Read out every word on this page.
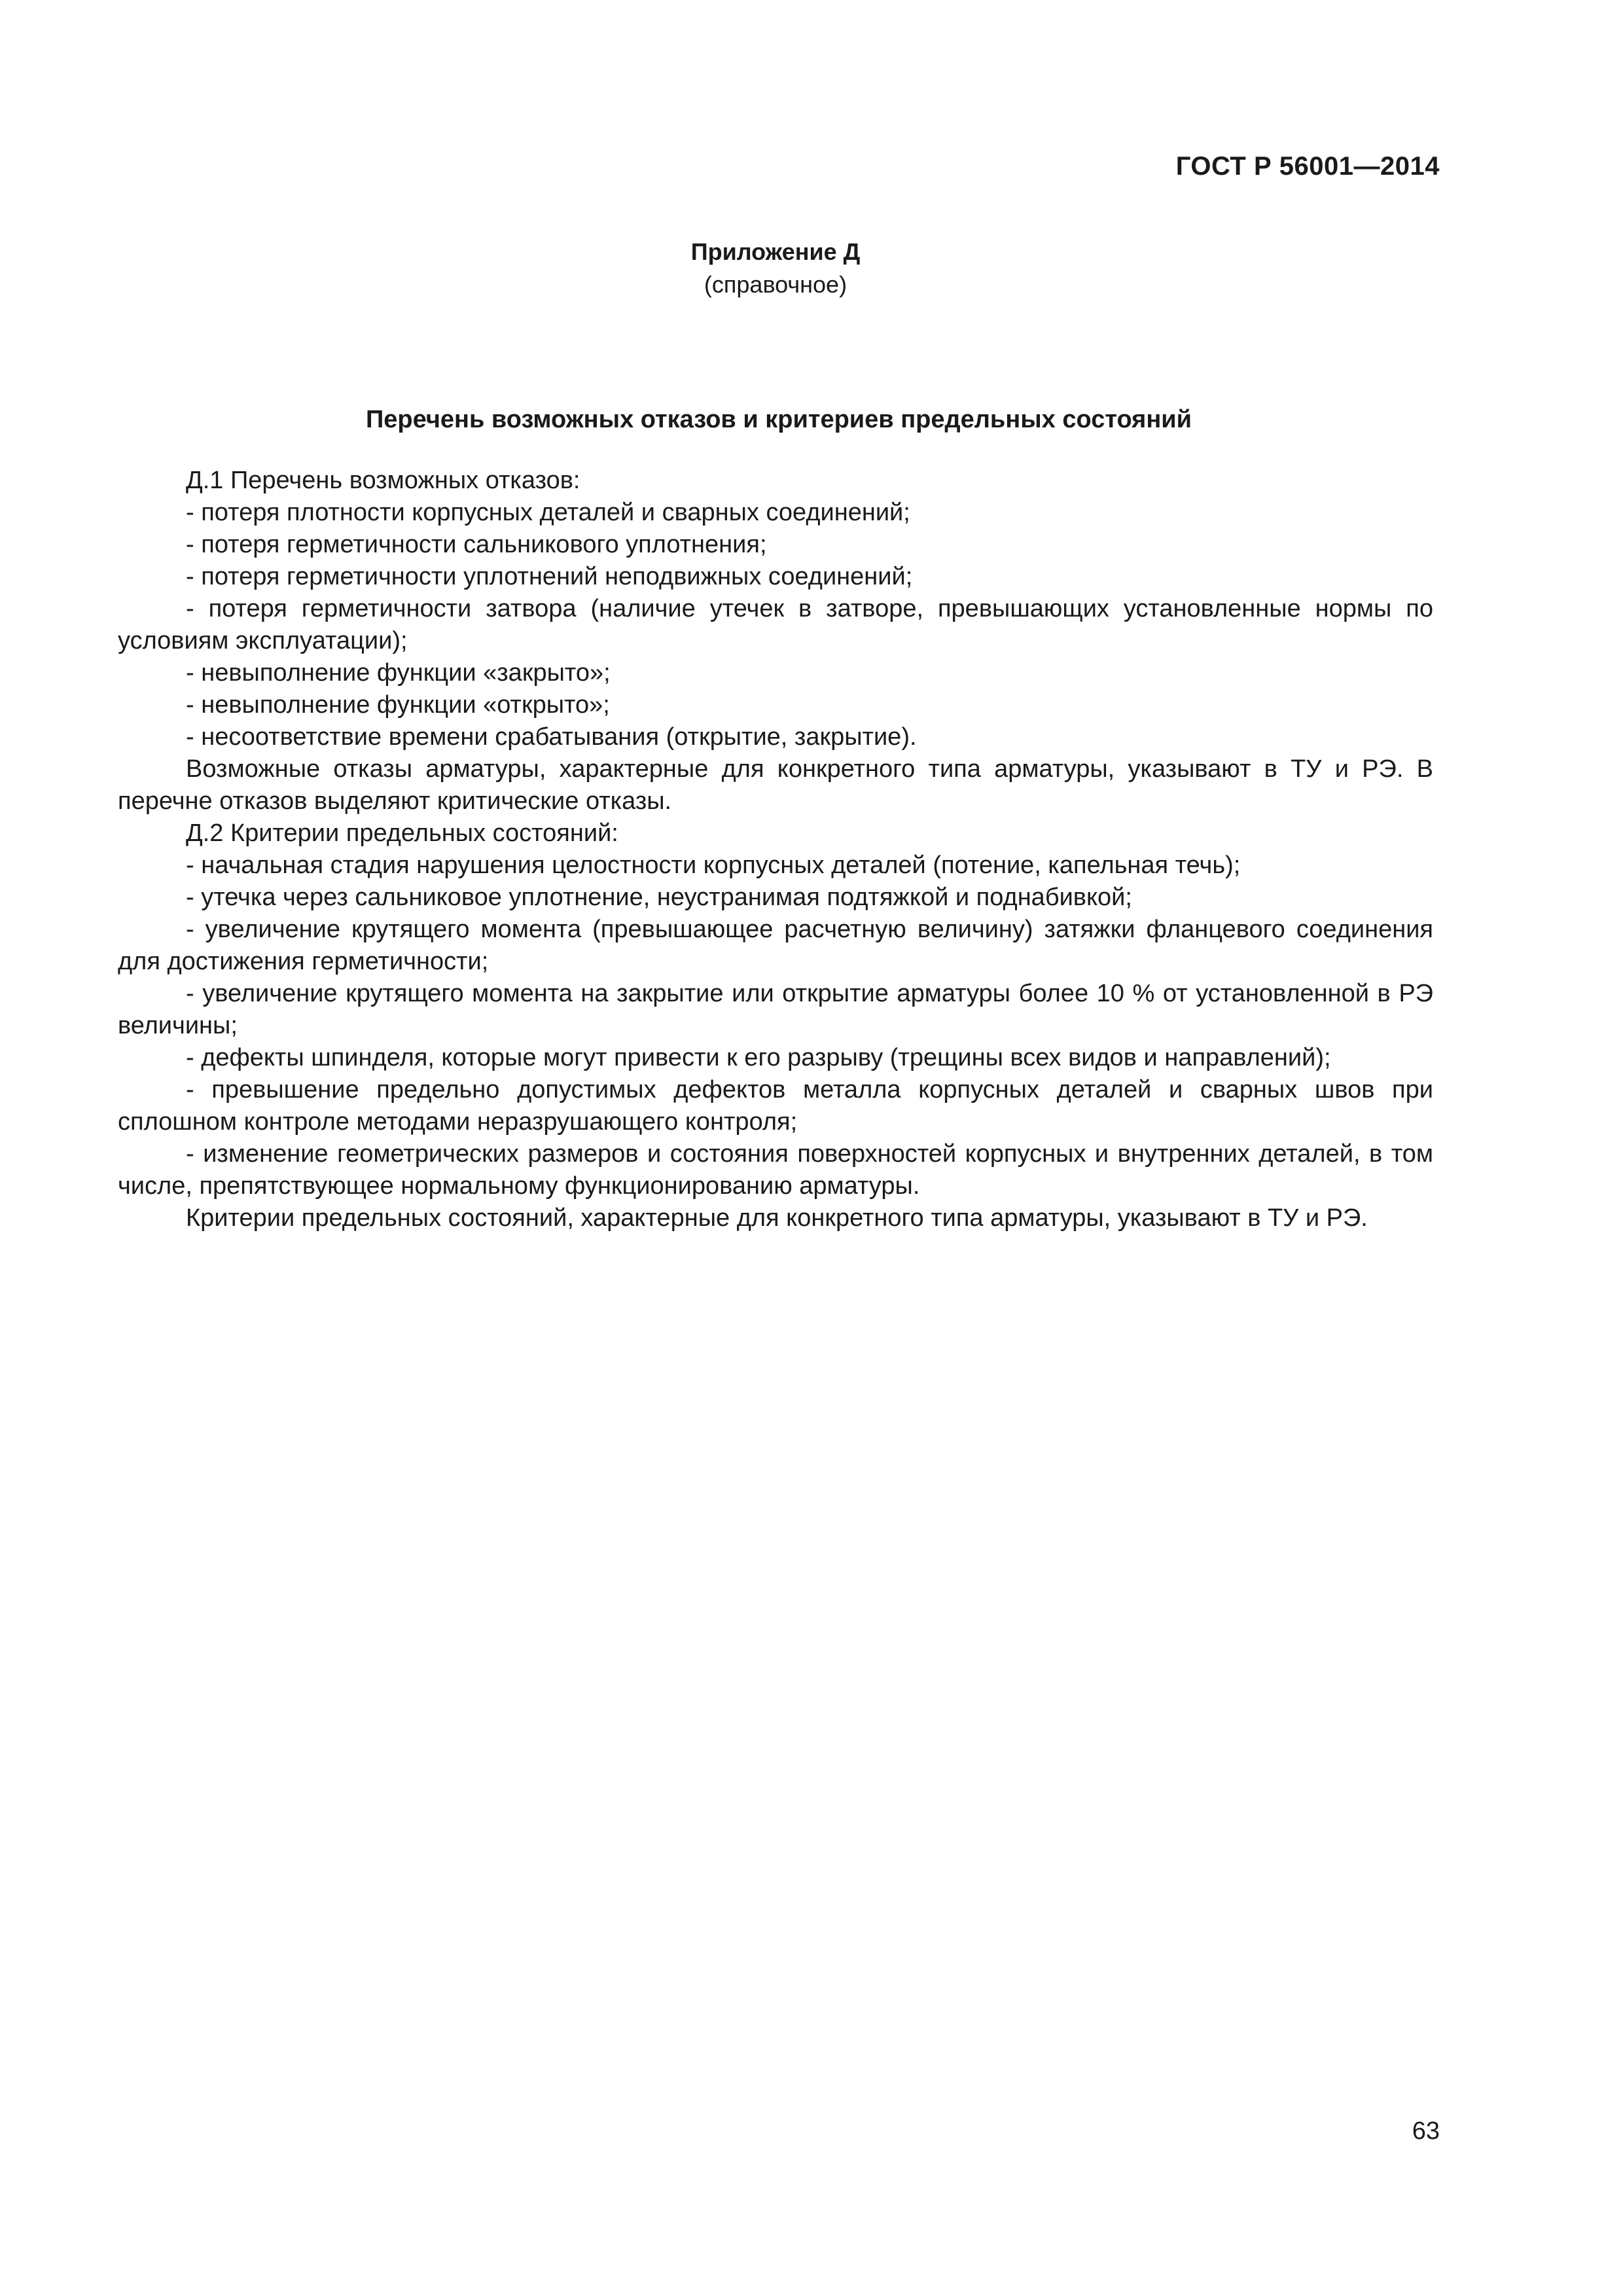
ГОСТ Р 56001—2014
Приложение Д
(справочное)
Перечень возможных отказов и критериев предельных состояний

Д.1 Перечень возможных отказов:

- потеря плотности корпусных деталей и сварных соединений;

- потеря герметичности сальникового уплотнения;

- потеря герметичности уплотнений неподвижных соединений;

- потеря герметичности затвора (наличие утечек в затворе, превышающих установленные нормы по условиям эксплуатации);

- невыполнение функции «закрыто»;

- невыполнение функции «открыто»;

- несоответствие времени срабатывания (открытие, закрытие).

Возможные отказы арматуры, характерные для конкретного типа арматуры, указывают в ТУ и РЭ. В перечне отказов выделяют критические отказы.

Д.2 Критерии предельных состояний:

- начальная стадия нарушения целостности корпусных деталей (потение, капельная течь);

- утечка через сальниковое уплотнение, неустранимая подтяжкой и поднабивкой;

- увеличение крутящего момента (превышающее расчетную величину) затяжки фланцевого соединения для достижения герметичности;

- увеличение крутящего момента на закрытие или открытие арматуры более 10 % от установленной в РЭ величины;

- дефекты шпинделя, которые могут привести к его разрыву (трещины всех видов и направлений);

- превышение предельно допустимых дефектов металла корпусных деталей и сварных швов при сплошном контроле методами неразрушающего контроля;

- изменение геометрических размеров и состояния поверхностей корпусных и внутренних деталей, в том числе, препятствующее нормальному функционированию арматуры.

Критерии предельных состояний, характерные для конкретного типа арматуры, указывают в ТУ и РЭ.

63
